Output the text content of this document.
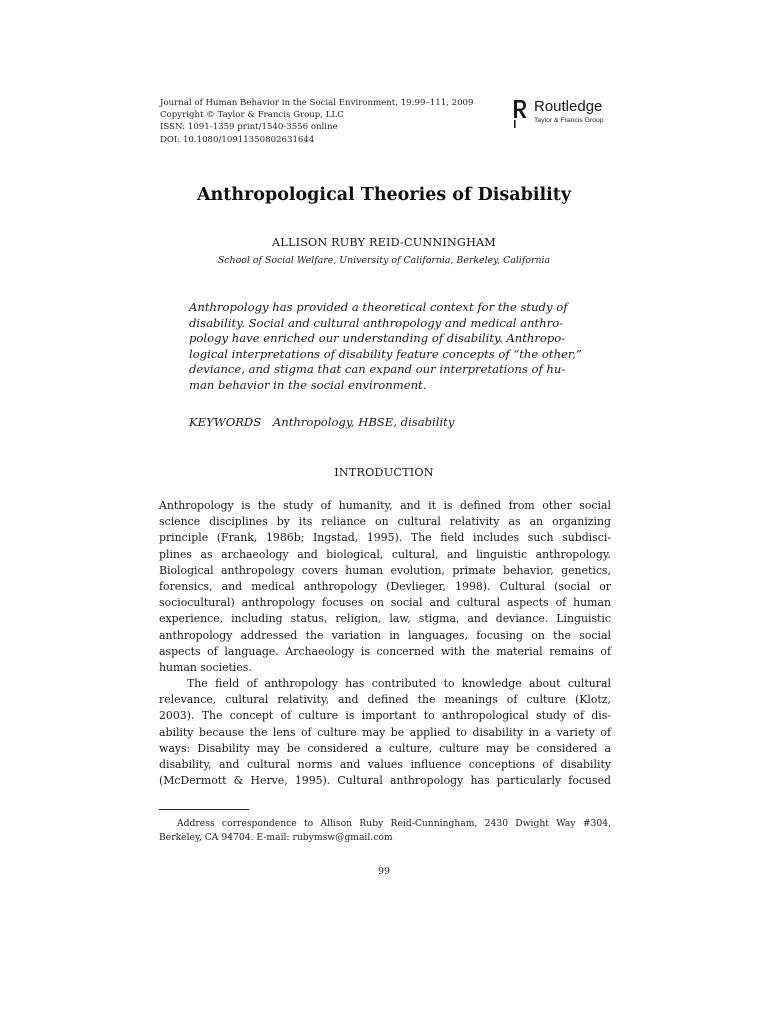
Journal of Human Behavior in the Social Environment, 19:99–111, 2009
Copyright © Taylor & Francis Group, LLC
ISSN: 1091-1359 print/1540-3556 online
DOI: 10.1080/10911350802631644
Routledge
Taylor & Francis Group
Anthropological Theories of Disability
ALLISON RUBY REID-CUNNINGHAM
School of Social Welfare, University of California, Berkeley, California
Anthropology has provided a theoretical context for the study of
disability. Social and cultural anthropology and medical anthro-
pology have enriched our understanding of disability. Anthropo-
logical interpretations of disability feature concepts of “the other,”
deviance, and stigma that can expand our interpretations of hu-
man behavior in the social environment.
KEYWORDS Anthropology, HBSE, disability
INTRODUCTION
Anthropology is the study of humanity, and it is defined from other social
science disciplines by its reliance on cultural relativity as an organizing
principle (Frank, 1986b; Ingstad, 1995). The field includes such subdisci-
plines as archaeology and biological, cultural, and linguistic anthropology.
Biological anthropology covers human evolution, primate behavior, genetics,
forensics, and medical anthropology (Devlieger, 1998). Cultural (social or
sociocultural) anthropology focuses on social and cultural aspects of human
experience, including status, religion, law, stigma, and deviance. Linguistic
anthropology addressed the variation in languages, focusing on the social
aspects of language. Archaeology is concerned with the material remains of
human societies.
The field of anthropology has contributed to knowledge about cultural
relevance, cultural relativity, and defined the meanings of culture (Klotz,
2003). The concept of culture is important to anthropological study of dis-
ability because the lens of culture may be applied to disability in a variety of
ways: Disability may be considered a culture, culture may be considered a
disability, and cultural norms and values influence conceptions of disability
(McDermott & Herve, 1995). Cultural anthropology has particularly focused
Address correspondence to Allison Ruby Reid-Cunningham, 2430 Dwight Way #304,
Berkeley, CA 94704. E-mail: rubymsw@gmail.com
99
